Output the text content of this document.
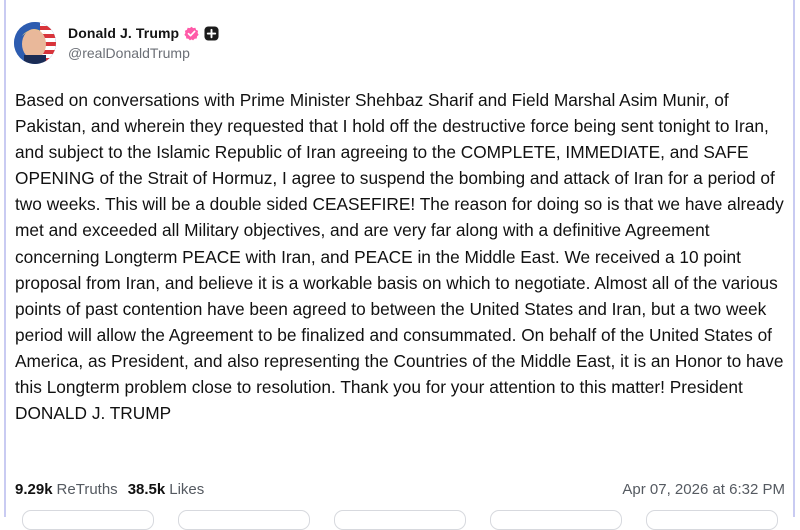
Donald J. Trump
@realDonaldTrump
Based on conversations with Prime Minister Shehbaz Sharif and Field Marshal Asim Munir, of Pakistan, and wherein they requested that I hold off the destructive force being sent tonight to Iran, and subject to the Islamic Republic of Iran agreeing to the COMPLETE, IMMEDIATE, and SAFE OPENING of the Strait of Hormuz, I agree to suspend the bombing and attack of Iran for a period of two weeks. This will be a double sided CEASEFIRE! The reason for doing so is that we have already met and exceeded all Military objectives, and are very far along with a definitive Agreement concerning Longterm PEACE with Iran, and PEACE in the Middle East. We received a 10 point proposal from Iran, and believe it is a workable basis on which to negotiate. Almost all of the various points of past contention have been agreed to between the United States and Iran, but a two week period will allow the Agreement to be finalized and consummated. On behalf of the United States of America, as President, and also representing the Countries of the Middle East, it is an Honor to have this Longterm problem close to resolution. Thank you for your attention to this matter! President DONALD J. TRUMP
9.29k ReTruths 38.5k Likes	Apr 07, 2026 at 6:32 PM
